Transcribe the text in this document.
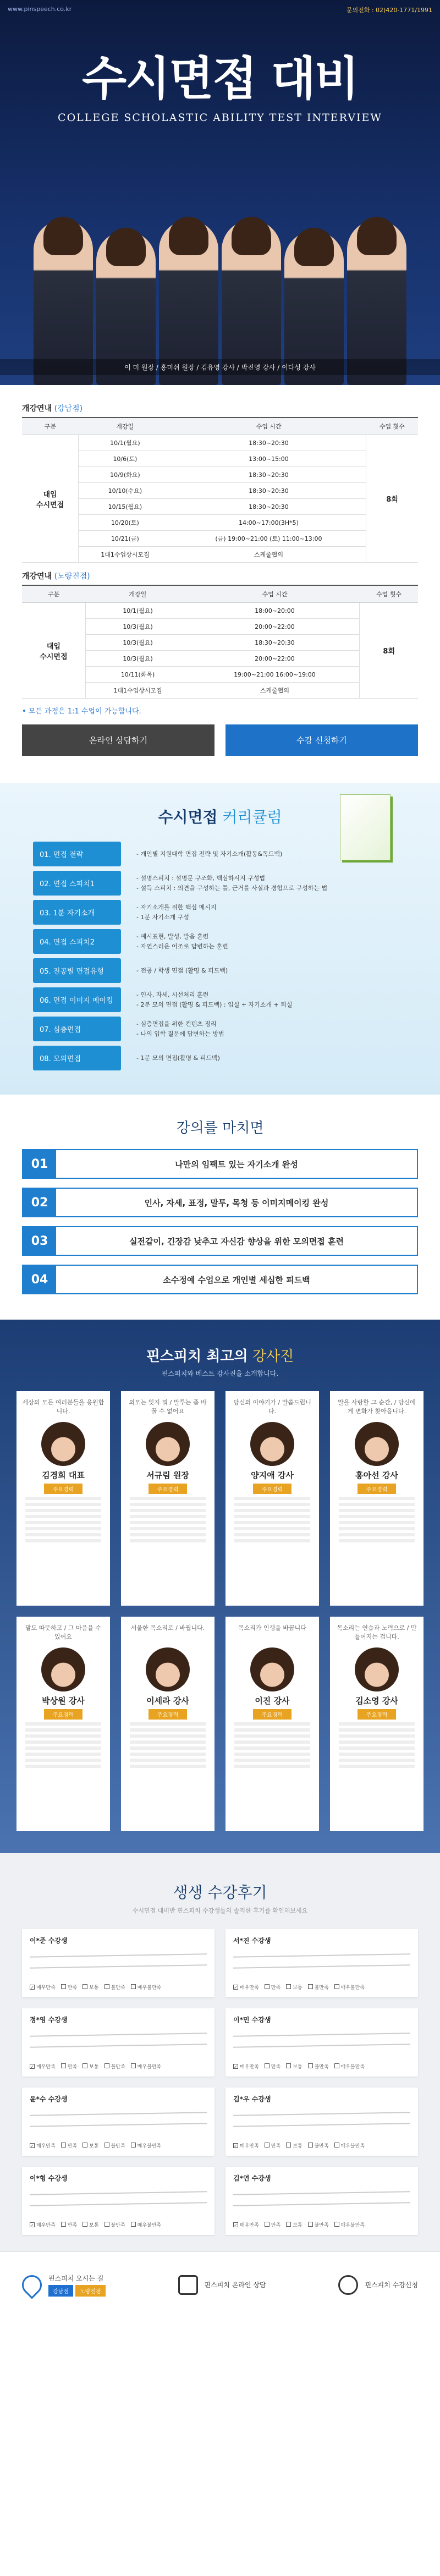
www.pinspeech.co.kr	문의전화 : 02)420-1771/1991
수시면접 대비
COLLEGE SCHOLASTIC ABILITY TEST INTERVIEW
이 미 원장 / 홍미쉬 원장 / 김유영 강사 / 박진영 강사 / 이다성 강사
개강연내 (강남점)
구분	개강일	수업 시간	수업 횟수
대입
수시면접	10/1(월요)	18:30~20:30	8회
	10/6(토)	13:00~15:00	
	10/9(화요)	18:30~20:30	
	10/10(수요)	18:30~20:30	
	10/15(월요)	18:30~20:30	
	10/20(토)	14:00~17:00(3H*5)	
	10/21(금)	(금) 19:00~21:00 (토) 11:00~13:00	
	1대1수업상시모집	스케줄협의	
개강연내 (노량진점)
구분	개강일	수업 시간	수업 횟수
대입
수시면접	10/1(월요)	18:00~20:00	8회
	10/3(월요)	20:00~22:00	
	10/3(월요)	18:30~20:30	
	10/3(월요)	20:00~22:00	
	10/11(화목)	19:00~21:00 16:00~19:00	
	1대1수업상시모집	스케줄협의	
• 모든 과정은 1:1 수업이 가능합니다.
온라인 상담하기	수강 신청하기
수시면접 커리큘럼
01. 면접 전략	- 개인별 지원대학 면접 전략 및 자기소개(활동&독드백)
02. 면접 스피치1
- 설명스피치 : 설명문 구조화, 핵심하시지 구성법
- 설득 스피치 : 의견을 구성하는 틀, 근거를 사실과 경험으로 구성하는 법
03. 1분 자기소개
- 자기소개를 위한 핵심 메시지
- 1분 자기소개 구성
04. 면접 스피치2
- 예시표현, 발성, 발음 훈련
- 자연스러운 어조로 답변하는 훈련
05. 전공별 면접유형	- 전공 / 학생 면접 (활명 & 피드백)
06. 면접 이미지 메이킹
- 인사, 자세, 시선처리 훈련
- 2분 모의 면접 (활명 & 피드백) : 입실 + 자기소개 + 퇴실
07. 심층면접
- 심층면접을 위한 컨텐츠 정리
- 나의 입학 질문에 답변하는 방법
08. 모의면접	- 1분 모의 면접(활명 & 피드백)
강의를 마치면
01	나만의 임팩트 있는 자기소개 완성
02	인사, 자세, 표정, 말투, 목청 등 이미지메이킹 완성
03	실전같이, 긴장감 낮추고 자신감 향상을 위한 모의면접 훈련
04	소수정예 수업으로 개인별 세심한 피드백
핀스피치 최고의 강사진
핀스피치와 베스트 강사진을 소개합니다.
세상의 모든 여러분들을 응원합니다.
김경희 대표
주요경력
외모는 잊지 뭐 / 말투는 좀 바꿀 수 없어요
서규림 원장
주요경력
당신의 이야기가 / 말씀드립니다.
양지애 강사
주요경력
말을 사랑할 그 순간, / 당신에게 변화가 찾아옵니다.
홍아선 강사
주요경력
말도 따뜻하고 / 그 마음을 수 있어요
박상원 강사
주요경력
서울한 목소리로 / 바뀝니다.
이세라 강사
주요경력
목소리가 인생을 바꿉니다
이진 강사
주요경력
목소리는 연습과 노력으로 / 만들어지는 겁니다.
김소영 강사
주요경력
생생 수강후기
수시면접 대비반 핀스피치 수강생들의 솔직한 후기를 확인해보세요
이*준 수강생
✓ 매우만족	만족	보통	불만족	매우불만족
서*진 수강생
✓ 매우만족	만족	보통	불만족	매우불만족
정*영 수강생
✓ 매우만족	만족	보통	불만족	매우불만족
이*민 수강생
✓ 매우만족	만족	보통	불만족	매우불만족
윤*수 수강생
✓ 매우만족	만족	보통	불만족	매우불만족
김*우 수강생
✓ 매우만족	만족	보통	불만족	매우불만족
이*형 수강생
✓ 매우만족	만족	보통	불만족	매우불만족
김*연 수강생
✓ 매우만족	만족	보통	불만족	매우불만족
핀스피치 오시는 길
강남점	노량진점
핀스피치 온라인 상담	핀스피치 수강신청
